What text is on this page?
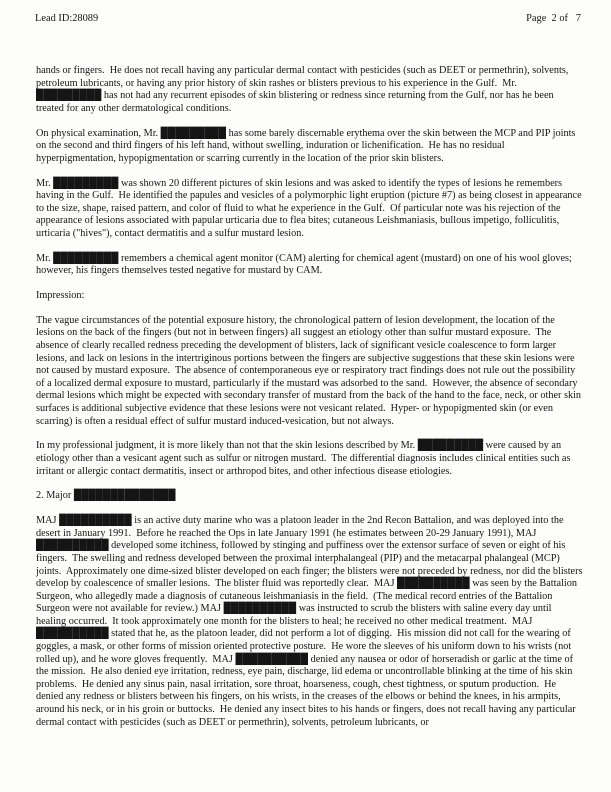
Lead ID:28089	Page  2 of   7

hands or fingers.  He does not recall having any particular dermal contact with pesticides (such as DEET or permethrin), solvents, petroleum lubricants, or having any prior history of skin rashes or blisters previous to his experience in the Gulf.  Mr. █████████ has not had any recurrent episodes of skin blistering or redness since returning from the Gulf, nor has he been treated for any other dermatological conditions.

On physical examination, Mr. █████████ has some barely discernable erythema over the skin between the MCP and PIP joints on the second and third fingers of his left hand, without swelling, induration or lichenification.  He has no residual hyperpigmentation, hypopigmentation or scarring currently in the location of the prior skin blisters.

Mr. █████████ was shown 20 different pictures of skin lesions and was asked to identify the types of lesions he remembers having in the Gulf.  He identified the papules and vesicles of a polymorphic light eruption (picture #7) as being closest in appearance to the size, shape, raised pattern, and color of fluid to what he experience in the Gulf.  Of particular note was his rejection of the appearance of lesions associated with papular urticaria due to flea bites; cutaneous Leishmaniasis, bullous impetigo, folliculitis, urticaria ("hives"), contact dermatitis and a sulfur mustard lesion.

Mr. █████████ remembers a chemical agent monitor (CAM) alerting for chemical agent (mustard) on one of his wool gloves; however, his fingers themselves tested negative for mustard by CAM.

Impression:

The vague circumstances of the potential exposure history, the chronological pattern of lesion development, the location of the lesions on the back of the fingers (but not in between fingers) all suggest an etiology other than sulfur mustard exposure.  The absence of clearly recalled redness preceding the development of blisters, lack of significant vesicle coalescence to form larger lesions, and lack on lesions in the intertriginous portions between the fingers are subjective suggestions that these skin lesions were not caused by mustard exposure.  The absence of contemporaneous eye or respiratory tract findings does not rule out the possibility of a localized dermal exposure to mustard, particularly if the mustard was adsorbed to the sand.  However, the absence of secondary dermal lesions which might be expected with secondary transfer of mustard from the back of the hand to the face, neck, or other skin surfaces is additional subjective evidence that these lesions were not vesicant related.  Hyper- or hypopigmented skin (or even scarring) is often a residual effect of sulfur mustard induced-vesication, but not always.

In my professional judgment, it is more likely than not that the skin lesions described by Mr. █████████ were caused by an etiology other than a vesicant agent such as sulfur or nitrogen mustard.  The differential diagnosis includes clinical entities such as irritant or allergic contact dermatitis, insect or arthropod bites, and other infectious disease etiologies.

2. Major ██████████████

MAJ ██████████ is an active duty marine who was a platoon leader in the 2nd Recon Battalion, and was deployed into the desert in January 1991.  Before he reached the Ops in late January 1991 (he estimates between 20-29 January 1991), MAJ ██████████ developed some itchiness, followed by stinging and puffiness over the extensor surface of seven or eight of his fingers.  The swelling and redness developed between the proximal interphalangeal (PIP) and the metacarpal phalangeal (MCP) joints.  Approximately one dime-sized blister developed on each finger; the blisters were not preceded by redness, nor did the blisters develop by coalescence of smaller lesions.  The blister fluid was reportedly clear.  MAJ ██████████ was seen by the Battalion Surgeon, who allegedly made a diagnosis of cutaneous leishmaniasis in the field.  (The medical record entries of the Battalion Surgeon were not available for review.) MAJ ██████████ was instructed to scrub the blisters with saline every day until healing occurred.  It took approximately one month for the blisters to heal; he received no other medical treatment.  MAJ ██████████ stated that he, as the platoon leader, did not perform a lot of digging.  His mission did not call for the wearing of goggles, a mask, or other forms of mission oriented protective posture.  He wore the sleeves of his uniform down to his wrists (not rolled up), and he wore gloves frequently.  MAJ ██████████ denied any nausea or odor of horseradish or garlic at the time of the mission.  He also denied eye irritation, redness, eye pain, discharge, lid edema or uncontrollable blinking at the time of his skin problems.  He denied any sinus pain, nasal irritation, sore throat, hoarseness, cough, chest tightness, or sputum production.  He denied any redness or blisters between his fingers, on his wrists, in the creases of the elbows or behind the knees, in his armpits, around his neck, or in his groin or buttocks.  He denied any insect bites to his hands or fingers, does not recall having any particular dermal contact with pesticides (such as DEET or permethrin), solvents, petroleum lubricants, or
